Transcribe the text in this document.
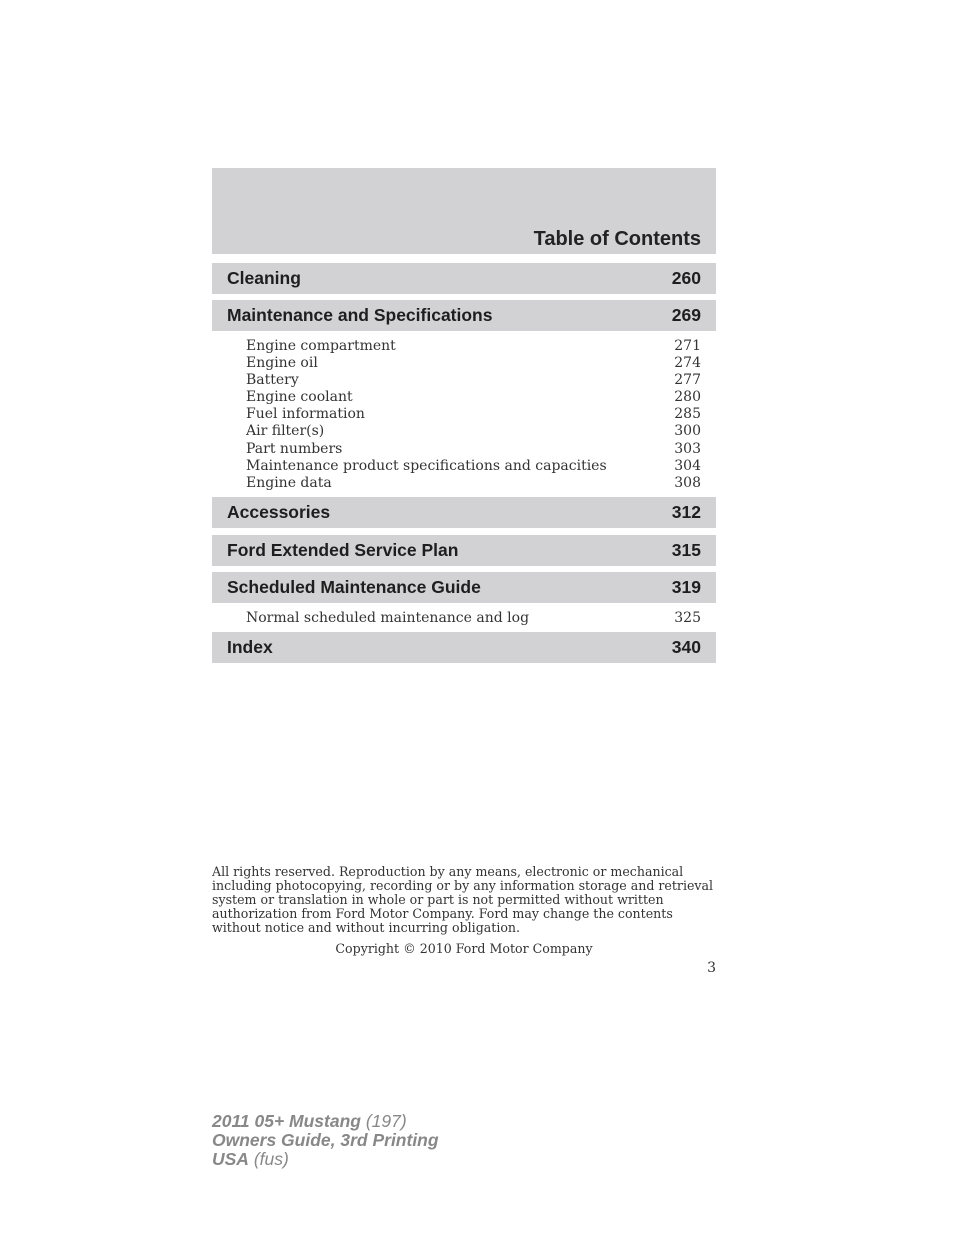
Table of Contents
Cleaning	260
Maintenance and Specifications	269
Engine compartment	271
Engine oil	274
Battery	277
Engine coolant	280
Fuel information	285
Air filter(s)	300
Part numbers	303
Maintenance product specifications and capacities	304
Engine data	308
Accessories	312
Ford Extended Service Plan	315
Scheduled Maintenance Guide	319
Normal scheduled maintenance and log	325
Index	340
All rights reserved. Reproduction by any means, electronic or mechanical including photocopying, recording or by any information storage and retrieval system or translation in whole or part is not permitted without written authorization from Ford Motor Company. Ford may change the contents without notice and without incurring obligation.
Copyright © 2010 Ford Motor Company
3
2011 05+ Mustang (197)
Owners Guide, 3rd Printing
USA (fus)
